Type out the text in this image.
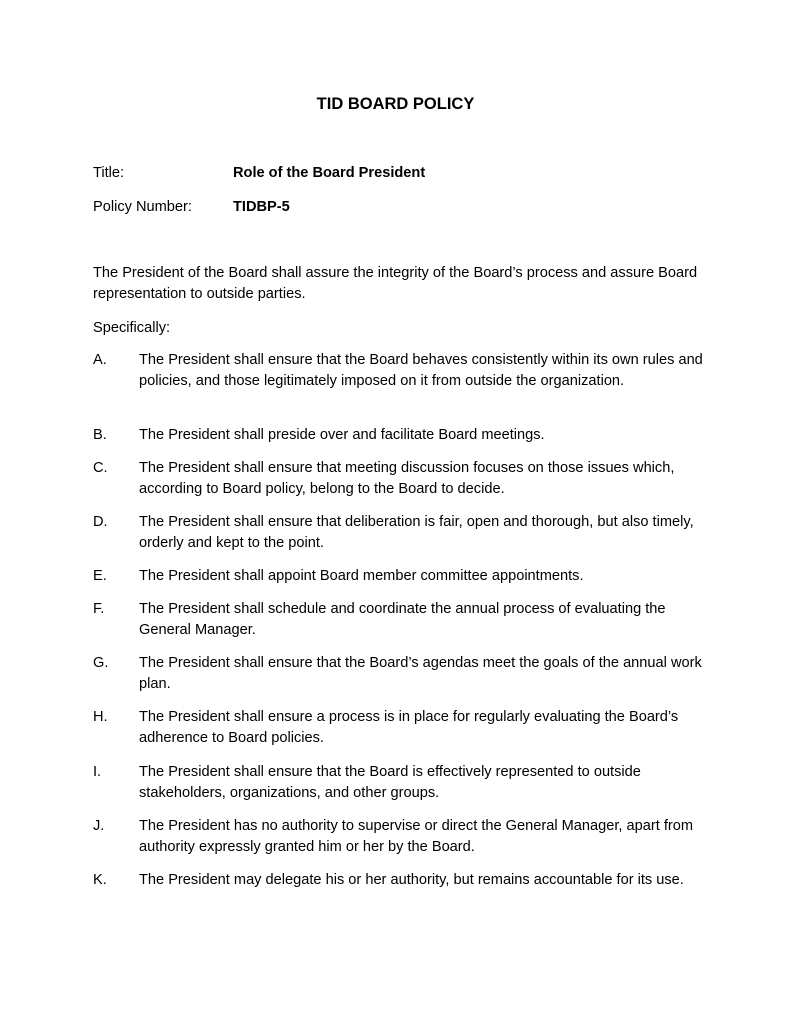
TID BOARD POLICY
Title:	Role of the Board President
Policy Number:	TIDBP-5
The President of the Board shall assure the integrity of the Board’s process and assure Board representation to outside parties.
Specifically:
A.	The President shall ensure that the Board behaves consistently within its own rules and policies, and those legitimately imposed on it from outside the organization.
B.	The President shall preside over and facilitate Board meetings.
C.	The President shall ensure that meeting discussion focuses on those issues which, according to Board policy, belong to the Board to decide.
D.	The President shall ensure that deliberation is fair, open and thorough, but also timely, orderly and kept to the point.
E.	The President shall appoint Board member committee appointments.
F.	The President shall schedule and coordinate the annual process of evaluating the General Manager.
G.	The President shall ensure that the Board’s agendas meet the goals of the annual work plan.
H.	The President shall ensure a process is in place for regularly evaluating the Board’s adherence to Board policies.
I.	The President shall ensure that the Board is effectively represented to outside stakeholders, organizations, and other groups.
J.	The President has no authority to supervise or direct the General Manager, apart from authority expressly granted him or her by the Board.
K.	The President may delegate his or her authority, but remains accountable for its use.
